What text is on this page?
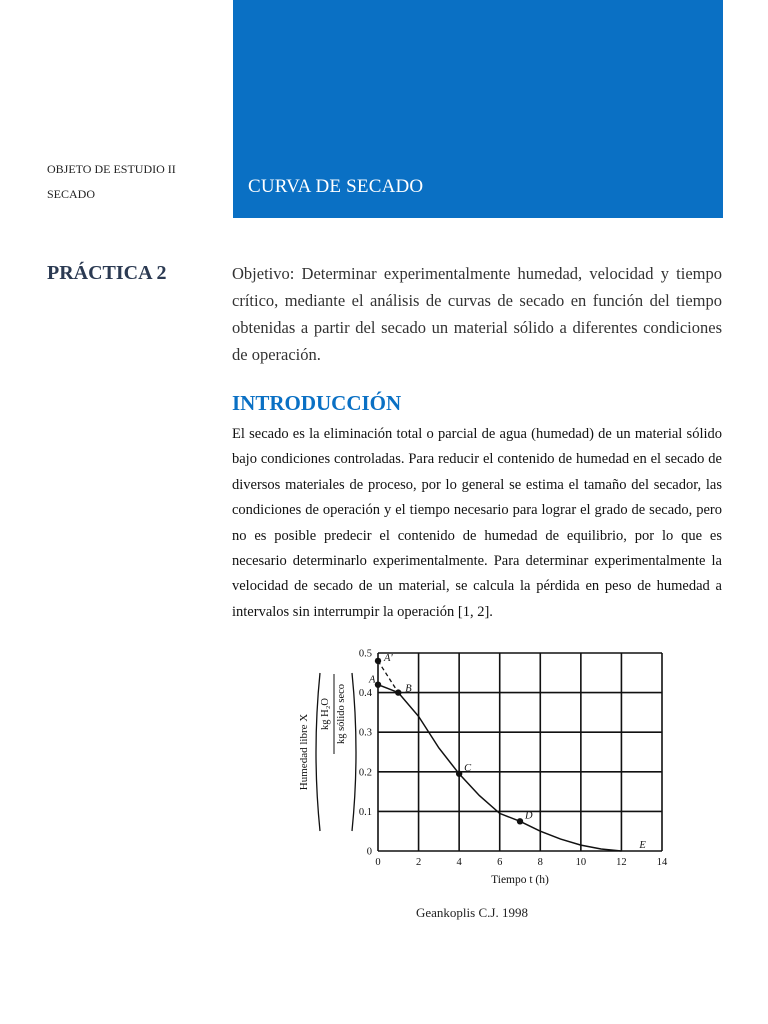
CURVA DE SECADO
OBJETO DE ESTUDIO II
SECADO
PRÁCTICA 2	Objetivo: Determinar experimentalmente humedad, velocidad y tiempo crítico, mediante el análisis de curvas de secado en función del tiempo obtenidas a partir del secado un material sólido a diferentes condiciones de operación.
INTRODUCCIÓN
El secado es la eliminación total o parcial de agua (humedad) de un material sólido bajo condiciones controladas. Para reducir el contenido de humedad en el secado de diversos materiales de proceso, por lo general se estima el tamaño del secador, las condiciones de operación y el tiempo necesario para lograr el grado de secado, pero no es posible predecir el contenido de humedad de equilibrio, por lo que es necesario determinarlo experimentalmente. Para determinar experimentalmente la velocidad de secado de un material, se calcula la pérdida en peso de humedad a intervalos sin interrumpir la operación [1, 2].
0	2	4	6	8	10	12	14
0
0.1
0.2
0.3
0.4
0.5
Tiempo t (h)
Humedad libre X kg H₂O kg sólido seco
A
A'
B
C
D
E
Geankoplis C.J. 1998
